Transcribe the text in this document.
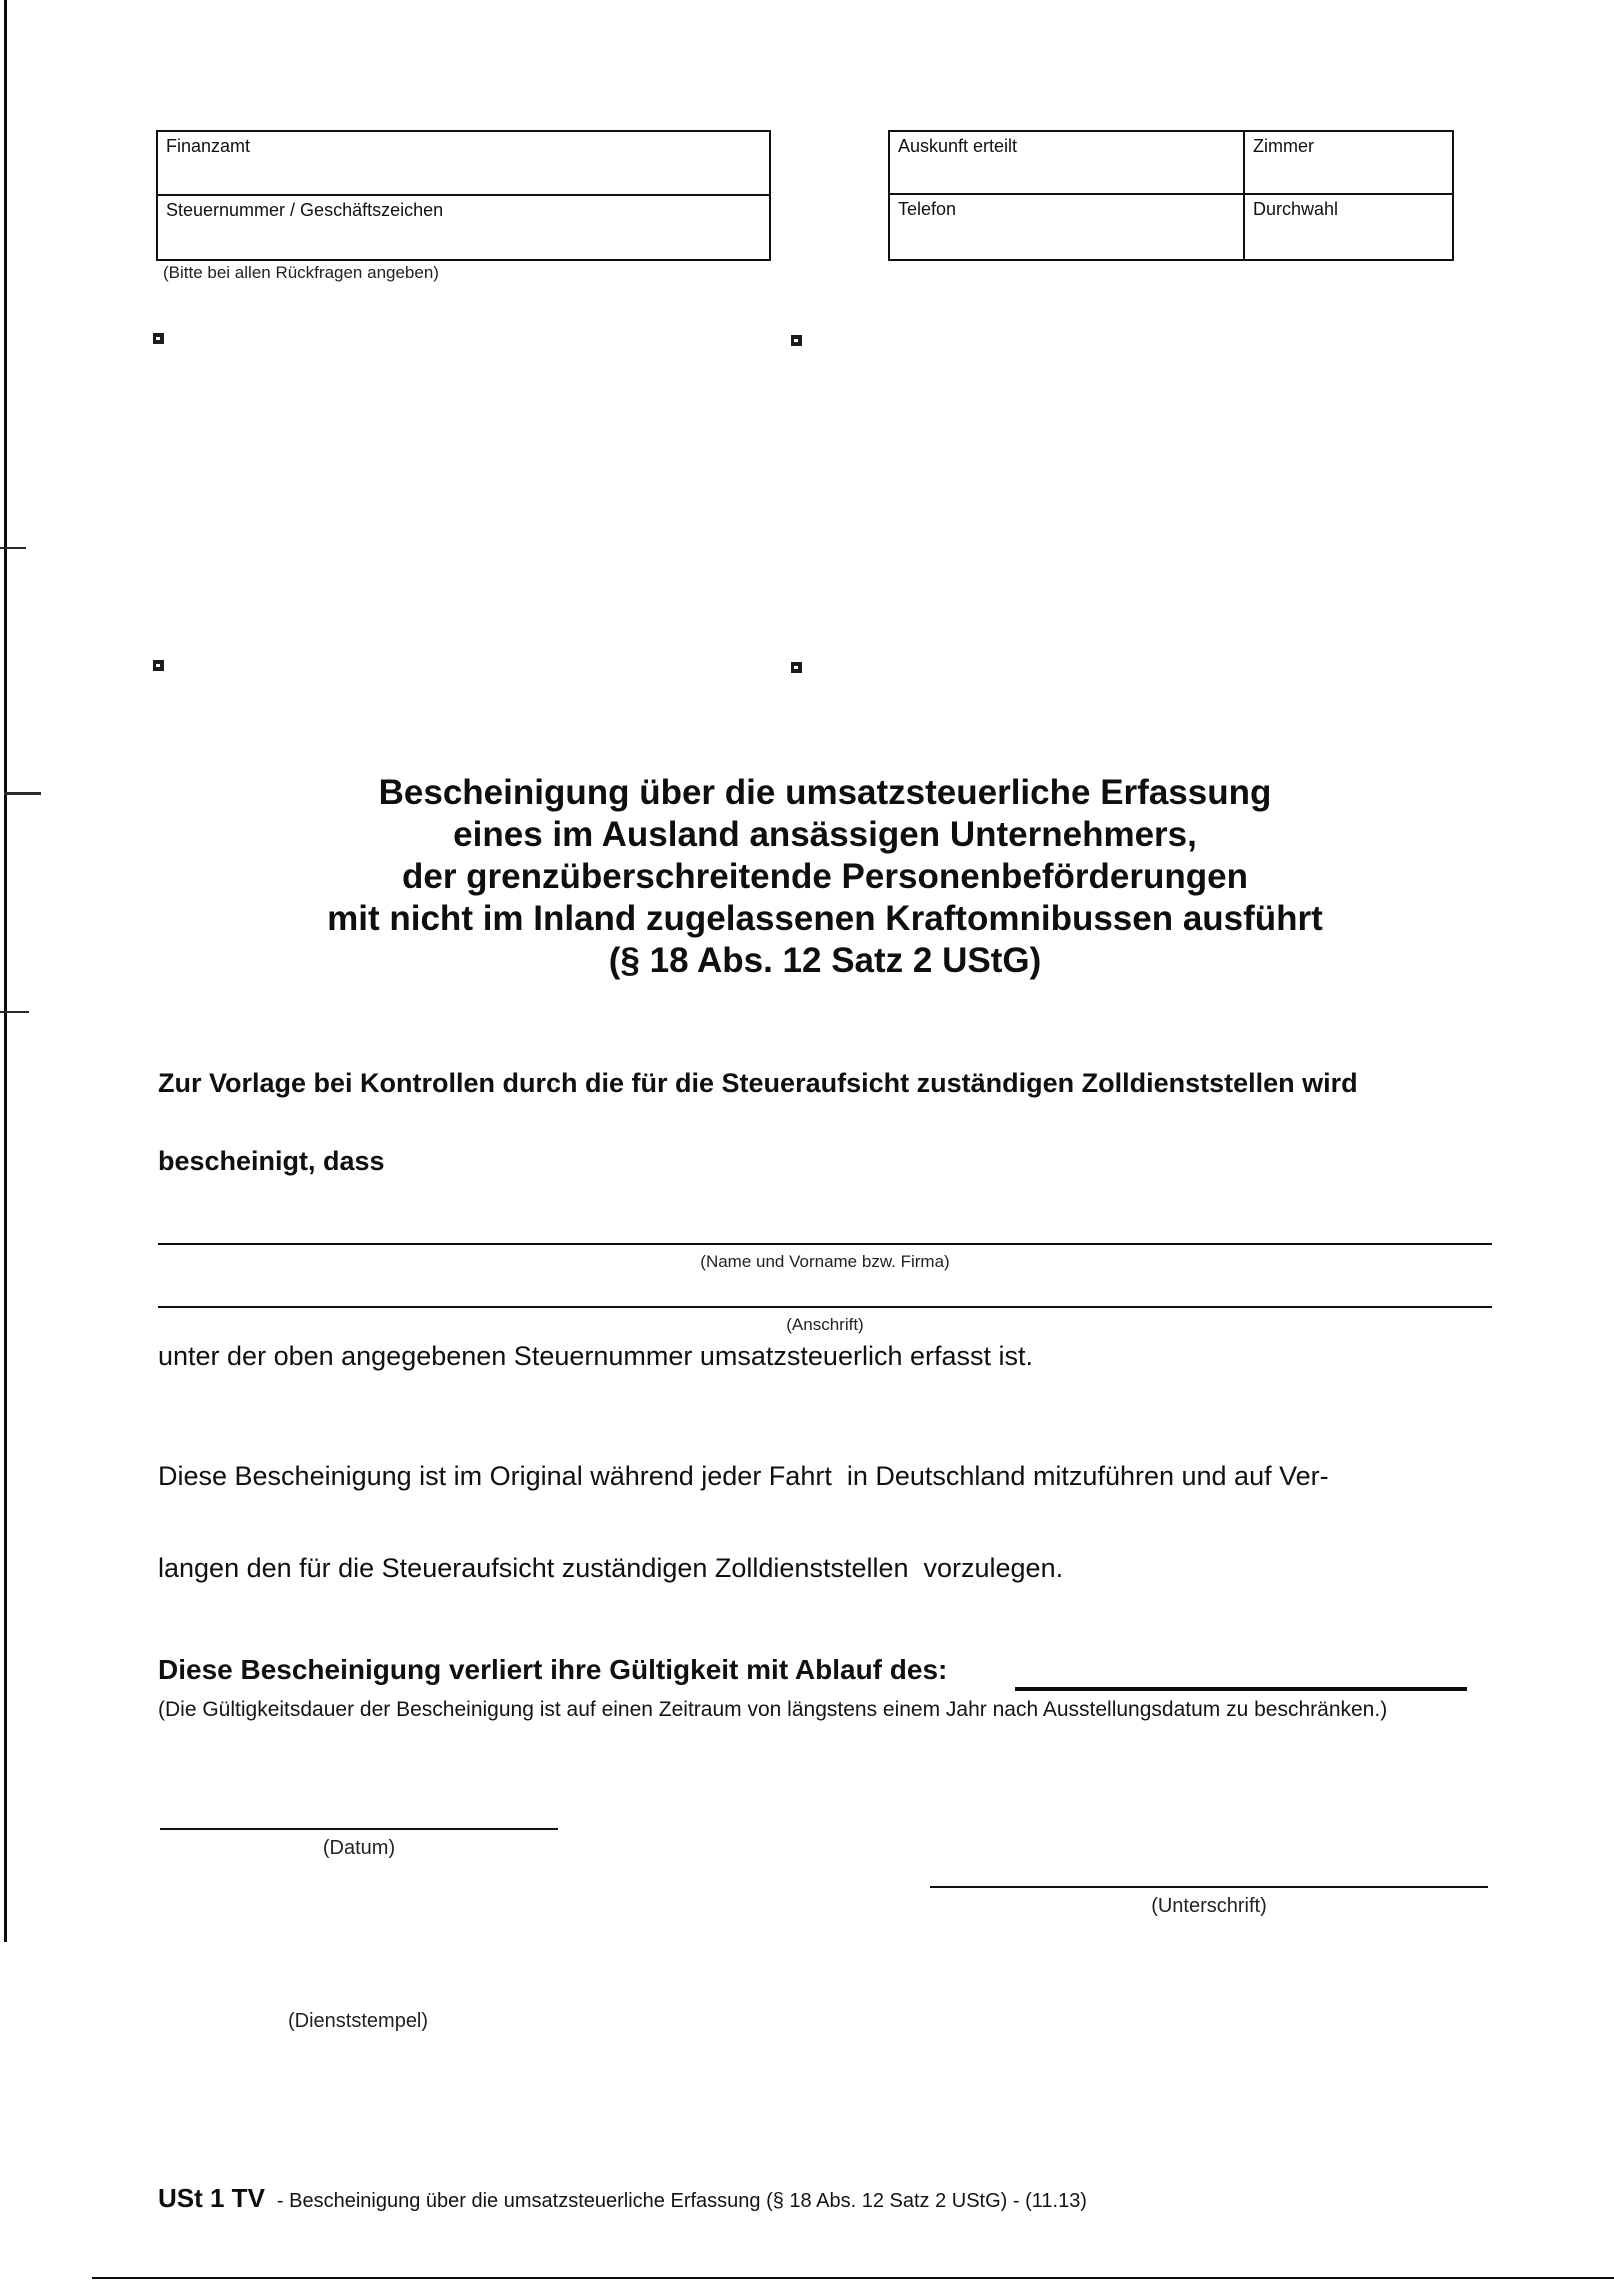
Finanzamt
Steuernummer / Geschäftszeichen
(Bitte bei allen Rückfragen angeben)
Auskunft erteilt	Zimmer
Telefon	Durchwahl
Bescheinigung über die umsatzsteuerliche Erfassung
eines im Ausland ansässigen Unternehmers,
der grenzüberschreitende Personenbeförderungen
mit nicht im Inland zugelassenen Kraftomnibussen ausführt
(§ 18 Abs. 12 Satz 2 UStG)
Zur Vorlage bei Kontrollen durch die für die Steueraufsicht zuständigen Zolldienststellen wird
bescheinigt, dass
(Name und Vorname bzw. Firma)
(Anschrift)
unter der oben angegebenen Steuernummer umsatzsteuerlich erfasst ist.
Diese Bescheinigung ist im Original während jeder Fahrt  in Deutschland mitzuführen und auf Ver-
langen den für die Steueraufsicht zuständigen Zolldienststellen  vorzulegen.
Diese Bescheinigung verliert ihre Gültigkeit mit Ablauf des:
(Die Gültigkeitsdauer der Bescheinigung ist auf einen Zeitraum von längstens einem Jahr nach Ausstellungsdatum zu beschränken.)
(Datum)
(Unterschrift)
(Dienststempel)
USt 1 TV - Bescheinigung über die umsatzsteuerliche Erfassung (§ 18 Abs. 12 Satz 2 UStG) - (11.13)
